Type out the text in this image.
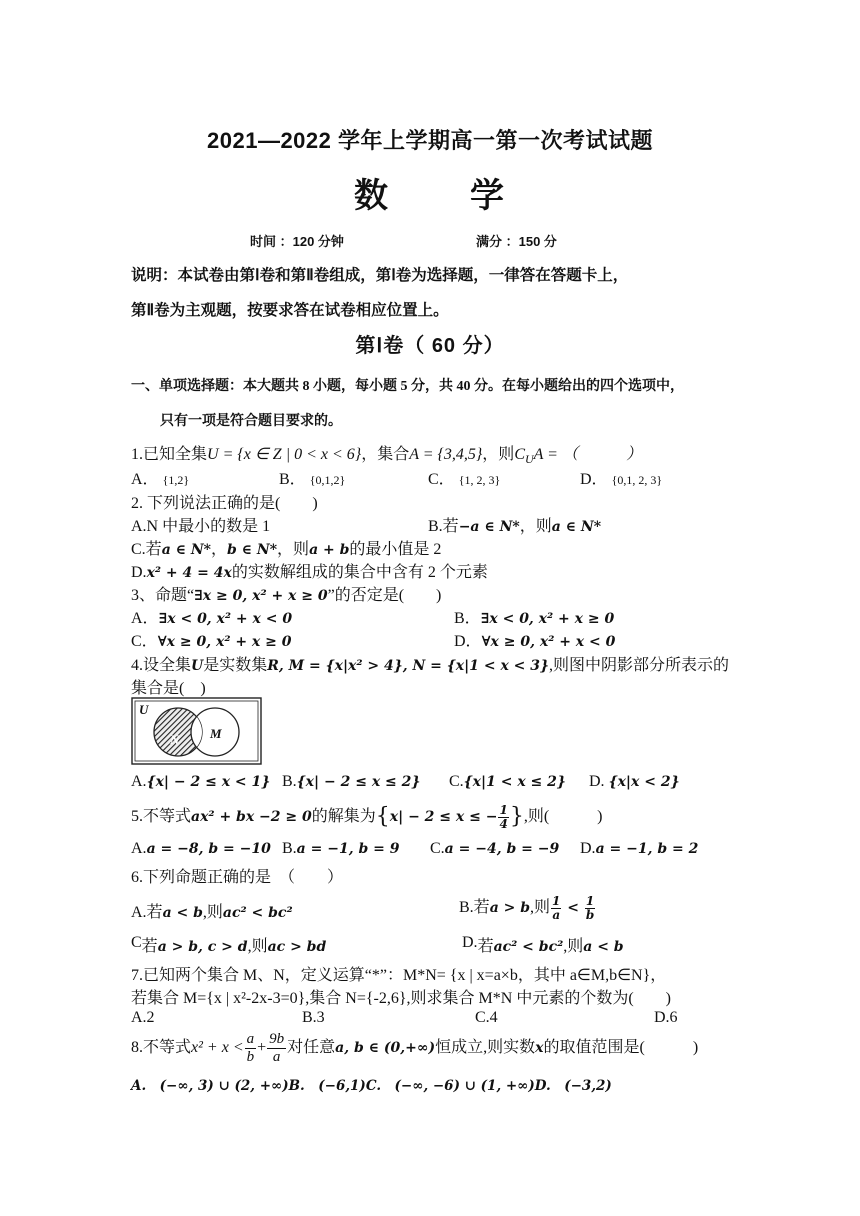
2021—2022 学年上学期高一第一次考试试题
数 学
时间 ：120 分钟	满分 ：150 分
说明：本试卷由第Ⅰ卷和第Ⅱ卷组成，第Ⅰ卷为选择题，一律答在答题卡上，
第Ⅱ卷为主观题，按要求答在试卷相应位置上。
第Ⅰ卷（ 60 分）
一、单项选择题：本大题共 8 小题，每小题 5 分，共 40 分。在每小题给出的四个选项中，
只有一项是符合题目要求的。
1.已知全集U = {x ∈ Z | 0 < x < 6}，集合A = {3,4,5}，则$C_UA$ = （　　　）
A． {1,2}	B． {0,1,2}	C． {1, 2, 3}	D． {0,1, 2, 3}
2. 下列说法正确的是(　　)
A.N 中最小的数是 1	B.若−a ∈ N*，则a ∈ N*
C.若a ∈ N*，b ∈ N*，则a + b的最小值是 2
D.x² + 4 = 4x的实数解组成的集合中含有 2 个元素
3、命题“∃x ≥ 0, x² + x ≥ 0”的否定是(　　)
A．∃x < 0, x² + x < 0	B．∃x < 0, x² + x ≥ 0
C．∀x ≥ 0, x² + x ≥ 0	D．∀x ≥ 0, x² + x < 0
4.设全集U是实数集R, M = {x|x² > 4}, N = {x|1 < x < 3},则图中阴影部分所表示的
集合是(　)
U
N M
A.{x| − 2 ≤ x < 1} B.{x| − 2 ≤ x ≤ 2} C.{x|1 < x ≤ 2} D. {x|x < 2}
5.不等式ax² + bx −2 ≥ 0的解集为{x| − 2 ≤ x ≤ − $\frac{1}{4}$ },则(　　　)
A.a = −8, b = −10 B.a = −1, b = 9 C.a = −4, b = −9 D.a = −1, b = 2
6.下列命题正确的是　（　　）
A.若a < b,则ac² < bc²	B.若a > b,则 $\frac{1}{a} < \frac{1}{b}$
C若a > b, c > d,则ac > bd	D.若ac² < bc²,则a < b
7.已知两个集合 M、N，定义运算“*”：M*N= {x | x=a×b，其中 a∈M,b∈N}，
若集合 M={x | x²-2x-3=0},集合 N={-2,6},则求集合 M*N 中元素的个数为(　　)
A.2	B.3	C.4	D.6
8.不等式$x^2 + x < \frac{a}{b} + \frac{9b}{a}$ 对任意a, b ∈ (0,+∞)恒成立,则实数x的取值范围是(　　　)
A.　(−∞, 3) ∪ (2, +∞)B.　(−6,1)C.　(−∞, −6) ∪ (1, +∞)D.　(−3,2)
